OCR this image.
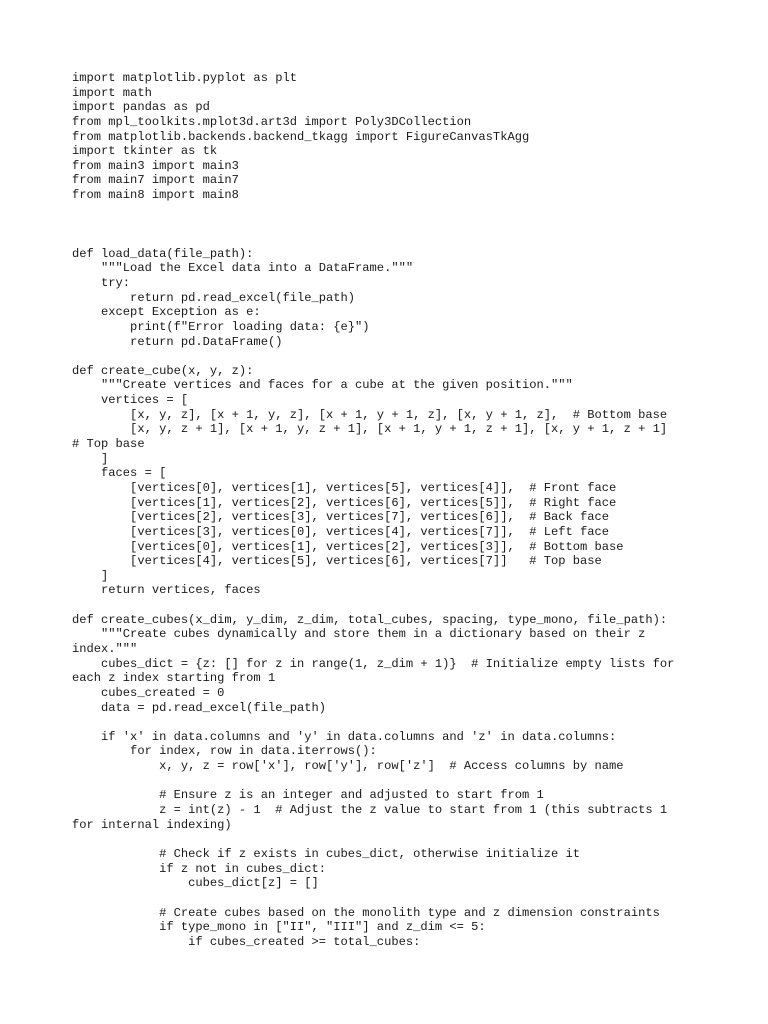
import matplotlib.pyplot as plt
import math
import pandas as pd
from mpl_toolkits.mplot3d.art3d import Poly3DCollection
from matplotlib.backends.backend_tkagg import FigureCanvasTkAgg
import tkinter as tk
from main3 import main3
from main7 import main7
from main8 import main8
def load_data(file_path):
"""Load the Excel data into a DataFrame."""
try:
return pd.read_excel(file_path)
except Exception as e:
print(f"Error loading data: {e}")
return pd.DataFrame()
def create_cube(x, y, z):
"""Create vertices and faces for a cube at the given position."""
vertices = [
[x, y, z], [x + 1, y, z], [x + 1, y + 1, z], [x, y + 1, z],  # Bottom base
[x, y, z + 1], [x + 1, y, z + 1], [x + 1, y + 1, z + 1], [x, y + 1, z + 1]
# Top base
]
faces = [
[vertices[0], vertices[1], vertices[5], vertices[4]],  # Front face
[vertices[1], vertices[2], vertices[6], vertices[5]],  # Right face
[vertices[2], vertices[3], vertices[7], vertices[6]],  # Back face
[vertices[3], vertices[0], vertices[4], vertices[7]],  # Left face
[vertices[0], vertices[1], vertices[2], vertices[3]],  # Bottom base
[vertices[4], vertices[5], vertices[6], vertices[7]]   # Top base
]
return vertices, faces
def create_cubes(x_dim, y_dim, z_dim, total_cubes, spacing, type_mono, file_path):
"""Create cubes dynamically and store them in a dictionary based on their z
index."""
cubes_dict = {z: [] for z in range(1, z_dim + 1)}  # Initialize empty lists for
each z index starting from 1
cubes_created = 0
data = pd.read_excel(file_path)
if 'x' in data.columns and 'y' in data.columns and 'z' in data.columns:
for index, row in data.iterrows():
x, y, z = row['x'], row['y'], row['z']  # Access columns by name
# Ensure z is an integer and adjusted to start from 1
z = int(z) - 1  # Adjust the z value to start from 1 (this subtracts 1
for internal indexing)
# Check if z exists in cubes_dict, otherwise initialize it
if z not in cubes_dict:
cubes_dict[z] = []
# Create cubes based on the monolith type and z dimension constraints
if type_mono in ["II", "III"] and z_dim <= 5:
if cubes_created >= total_cubes:
